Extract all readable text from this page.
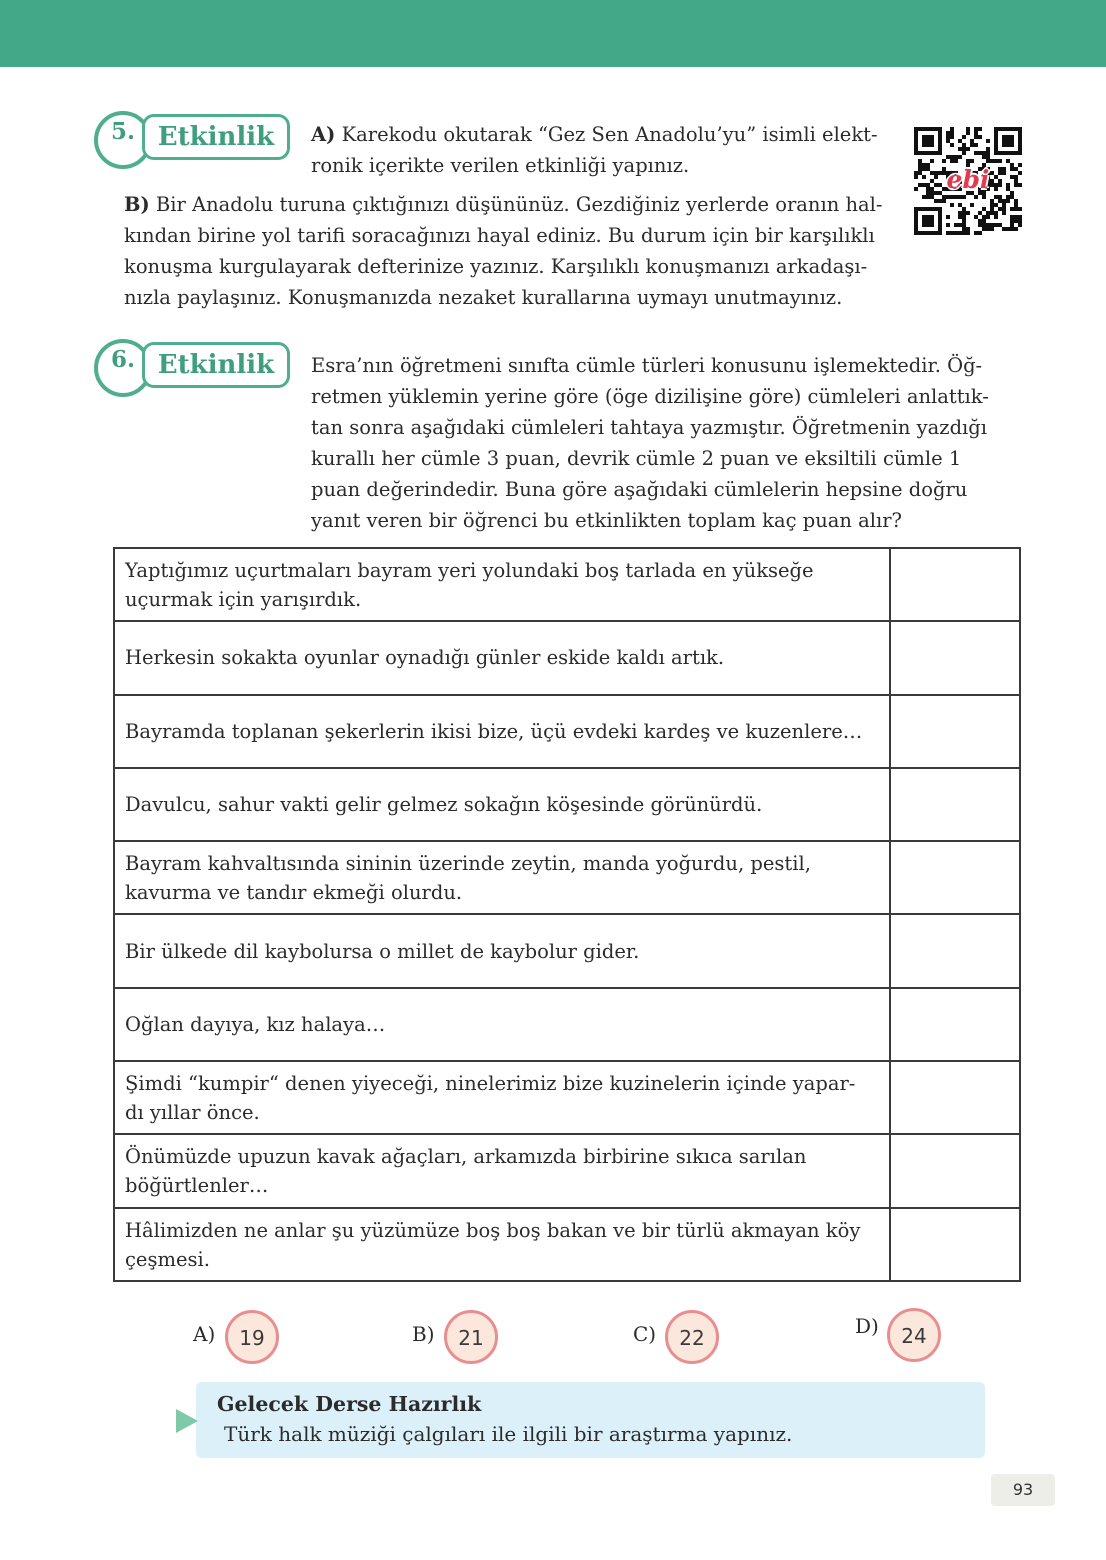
5. Etkinlik	A) Karekodu okutarak “Gez Sen Anadolu’yu” isimli elekt-
ronik içerikte verilen etkinliği yapınız.	ebi
B) Bir Anadolu turuna çıktığınızı düşününüz. Gezdiğiniz yerlerde oranın hal-
kından birine yol tarifi soracağınızı hayal ediniz. Bu durum için bir karşılıklı
konuşma kurgulayarak defterinize yazınız. Karşılıklı konuşmanızı arkadaşı-
nızla paylaşınız. Konuşmanızda nezaket kurallarına uymayı unutmayınız.
6. Etkinlik	Esra’nın öğretmeni sınıfta cümle türleri konusunu işlemektedir. Öğ-
retmen yüklemin yerine göre (öge dizilişine göre) cümleleri anlattık-
tan sonra aşağıdaki cümleleri tahtaya yazmıştır. Öğretmenin yazdığı
kurallı her cümle 3 puan, devrik cümle 2 puan ve eksiltili cümle 1
puan değerindedir. Buna göre aşağıdaki cümlelerin hepsine doğru
yanıt veren bir öğrenci bu etkinlikten toplam kaç puan alır?
Yaptığımız uçurtmaları bayram yeri yolundaki boş tarlada en yükseğe
uçurmak için yarışırdık.
Herkesin sokakta oyunlar oynadığı günler eskide kaldı artık.
Bayramda toplanan şekerlerin ikisi bize, üçü evdeki kardeş ve kuzenlere…
Davulcu, sahur vakti gelir gelmez sokağın köşesinde görünürdü.
Bayram kahvaltısında sininin üzerinde zeytin, manda yoğurdu, pestil,
kavurma ve tandır ekmeği olurdu.
Bir ülkede dil kaybolursa o millet de kaybolur gider.
Oğlan dayıya, kız halaya…
Şimdi “kumpir“ denen yiyeceği, ninelerimiz bize kuzinelerin içinde yapar-
dı yıllar önce.
Önümüzde upuzun kavak ağaçları, arkamızda birbirine sıkıca sarılan
böğürtlenler…
Hâlimizden ne anlar şu yüzümüze boş boş bakan ve bir türlü akmayan köy
çeşmesi.
A)	19	B)	21	C)	22	D)	24
Gelecek Derse Hazırlık
Türk halk müziği çalgıları ile ilgili bir araştırma yapınız.
93
